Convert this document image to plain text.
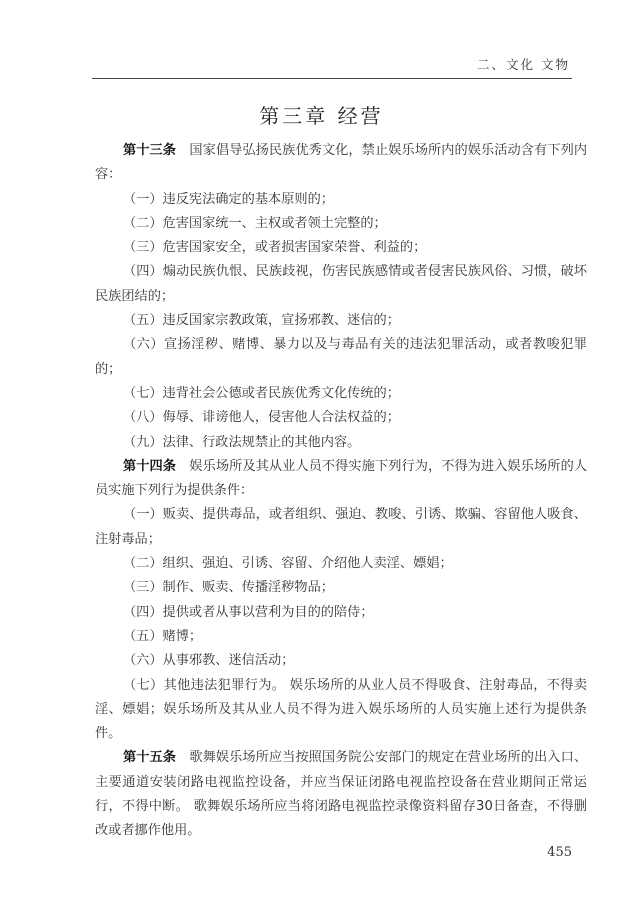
二、文化 文物
第三章 经营

第十三条　 国家倡导弘扬民族优秀文化，禁止娱乐场所内的娱乐活动含有下列内容：

（一）违反宪法确定的基本原则的；

（二）危害国家统一、主权或者领土完整的；

（三）危害国家安全，或者损害国家荣誉、利益的；

（四）煽动民族仇恨、民族歧视，伤害民族感情或者侵害民族风俗、习惯，破坏民族团结的；

（五）违反国家宗教政策，宣扬邪教、迷信的；

（六）宣扬淫秽、赌博、暴力以及与毒品有关的违法犯罪活动，或者教唆犯罪的；

（七）违背社会公德或者民族优秀文化传统的；

（八）侮辱、诽谤他人，侵害他人合法权益的；

（九）法律、行政法规禁止的其他内容。

第十四条　 娱乐场所及其从业人员不得实施下列行为，不得为进入娱乐场所的人员实施下列行为提供条件：

（一）贩卖、提供毒品，或者组织、强迫、教唆、引诱、欺骗、容留他人吸食、注射毒品；

（二）组织、强迫、引诱、容留、介绍他人卖淫、嫖娼；

（三）制作、贩卖、传播淫秽物品；

（四）提供或者从事以营利为目的的陪侍；

（五）赌博；

（六）从事邪教、迷信活动；

（七）其他违法犯罪行为。 娱乐场所的从业人员不得吸食、注射毒品，不得卖淫、嫖娼；娱乐场所及其从业人员不得为进入娱乐场所的人员实施上述行为提供条件。

第十五条　 歌舞娱乐场所应当按照国务院公安部门的规定在营业场所的出入口、主要通道安装闭路电视监控设备，并应当保证闭路电视监控设备在营业期间正常运行，不得中断。 歌舞娱乐场所应当将闭路电视监控录像资料留存30日备查，不得删改或者挪作他用。

455
